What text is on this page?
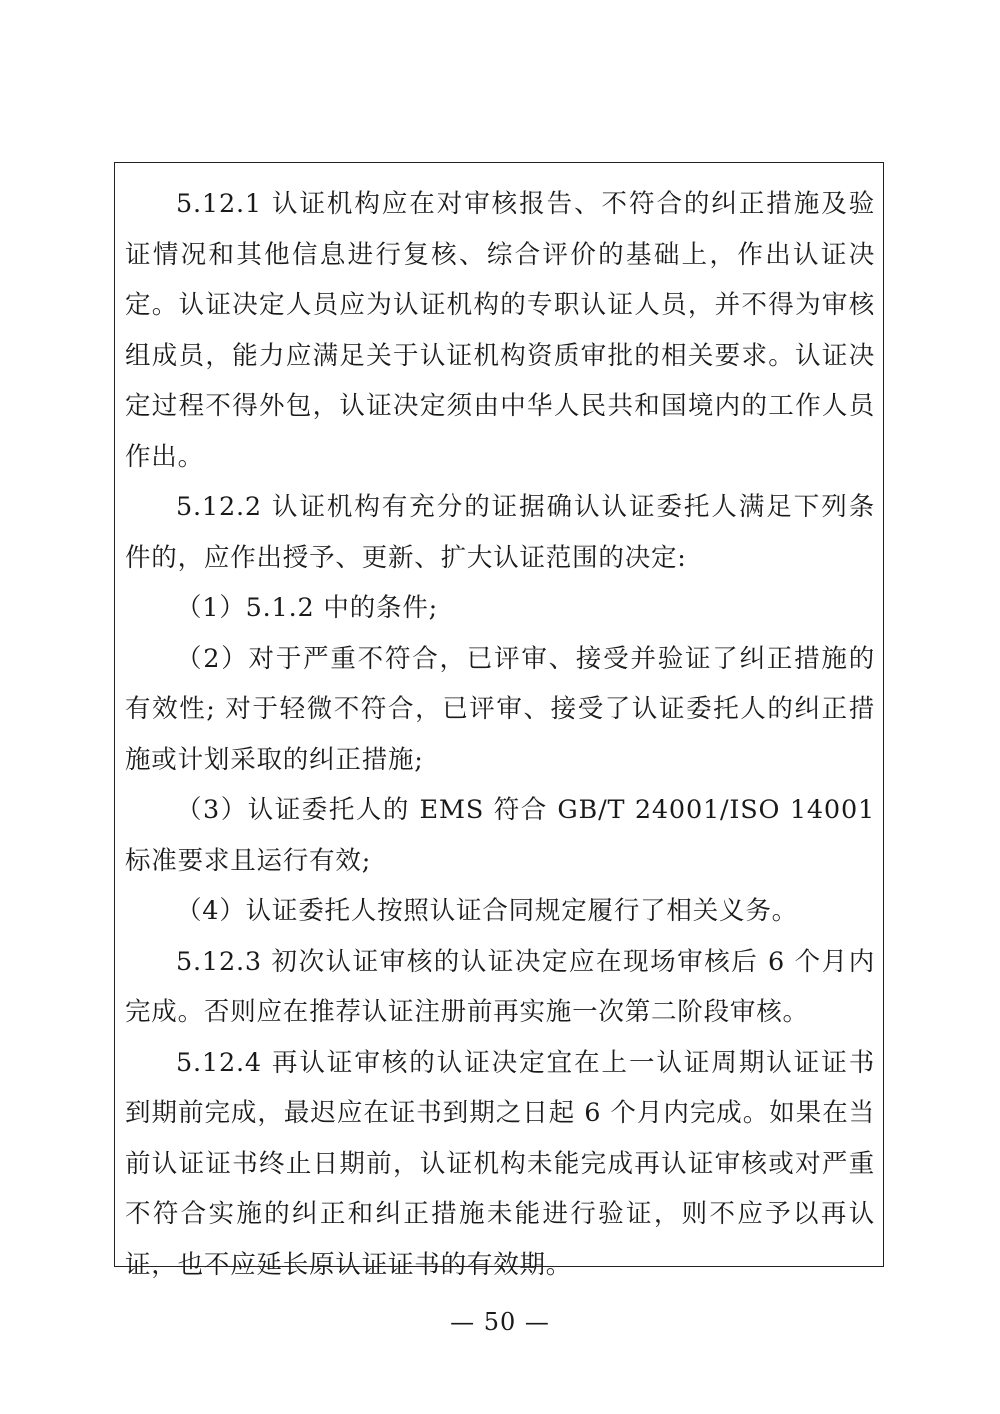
5.12.1 认证机构应在对审核报告、不符合的纠正措施及验证情况和其他信息进行复核、综合评价的基础上，作出认证决定。认证决定人员应为认证机构的专职认证人员，并不得为审核组成员，能力应满足关于认证机构资质审批的相关要求。认证决定过程不得外包，认证决定须由中华人民共和国境内的工作人员作出。

5.12.2 认证机构有充分的证据确认认证委托人满足下列条件的，应作出授予、更新、扩大认证范围的决定:

（1）5.1.2 中的条件;

（2）对于严重不符合，已评审、接受并验证了纠正措施的有效性; 对于轻微不符合，已评审、接受了认证委托人的纠正措施或计划采取的纠正措施;

（3）认证委托人的 EMS 符合 GB/T 24001/ISO 14001 标准要求且运行有效;

（4）认证委托人按照认证合同规定履行了相关义务。

5.12.3 初次认证审核的认证决定应在现场审核后 6 个月内完成。否则应在推荐认证注册前再实施一次第二阶段审核。

5.12.4 再认证审核的认证决定宜在上一认证周期认证证书到期前完成，最迟应在证书到期之日起 6 个月内完成。如果在当前认证证书终止日期前，认证机构未能完成再认证审核或对严重不符合实施的纠正和纠正措施未能进行验证，则不应予以再认证，也不应延长原认证证书的有效期。

— 50 —
